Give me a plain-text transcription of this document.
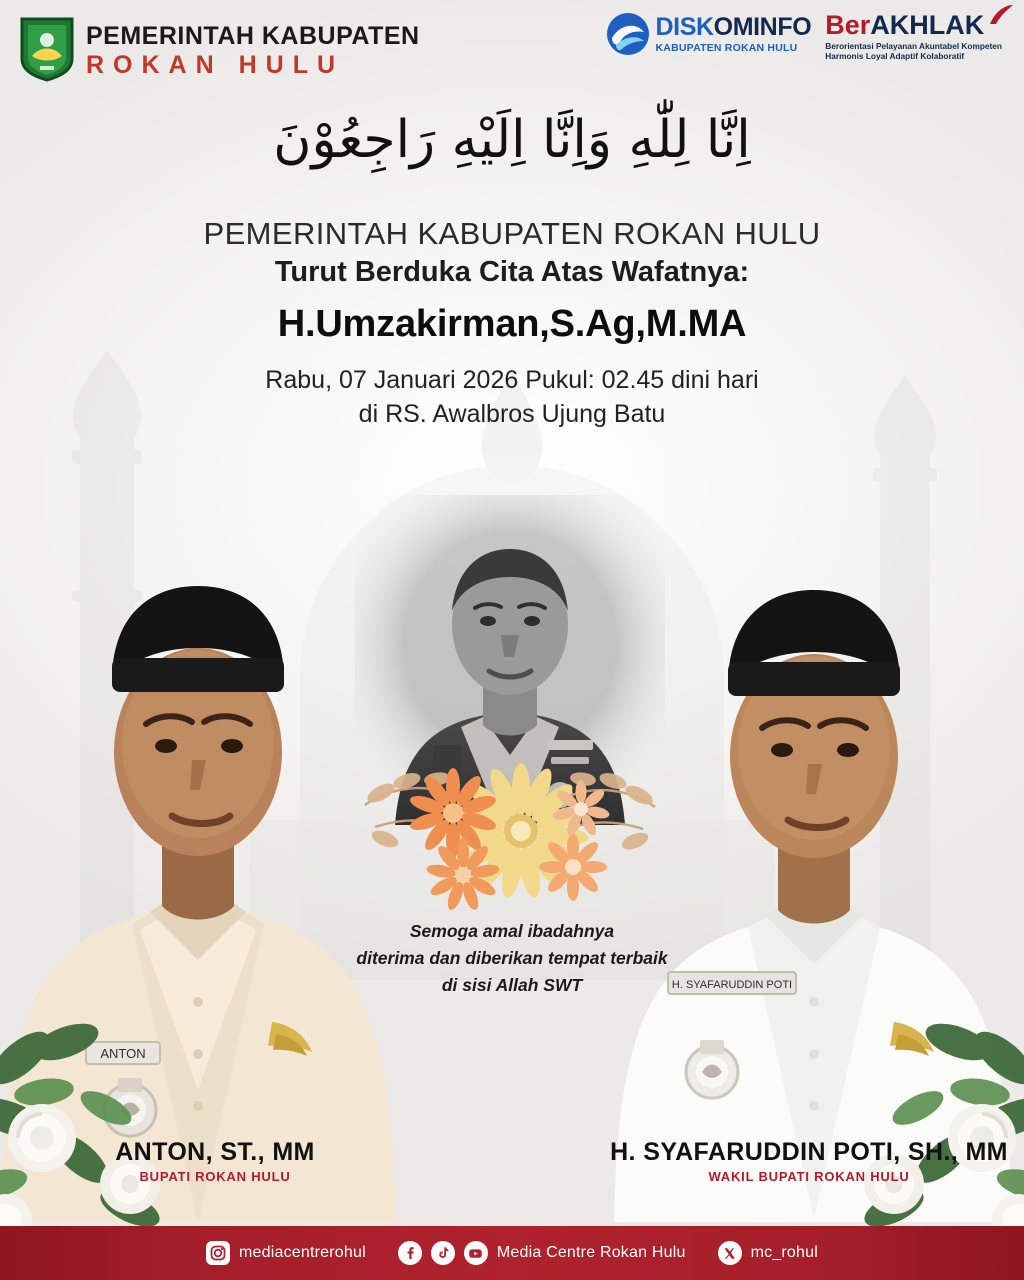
PEMERINTAH KABUPATEN
ROKAN HULU
DISKOMINFO
KABUPATEN ROKAN HULU
BerAKHLAK
Berorientasi Pelayanan Akuntabel Kompeten
Harmonis Loyal Adaptif Kolaboratif
اِنَّا لِلّٰهِ وَاِنَّا اِلَيْهِ رَاجِعُوْنَ
PEMERINTAH KABUPATEN ROKAN HULU
Turut Berduka Cita Atas Wafatnya:
H.Umzakirman,S.Ag,M.MA
Rabu, 07 Januari 2026 Pukul: 02.45 dini hari
di RS. Awalbros Ujung Batu
Semoga amal ibadahnya
diterima dan diberikan tempat terbaik
di sisi Allah SWT
ANTON
H. SYAFARUDDIN POTI
ANTON, ST., MM
BUPATI ROKAN HULU
H. SYAFARUDDIN POTI, SH., MM
WAKIL BUPATI ROKAN HULU
mediacentrerohul	Media Centre Rokan Hulu	mc_rohul
